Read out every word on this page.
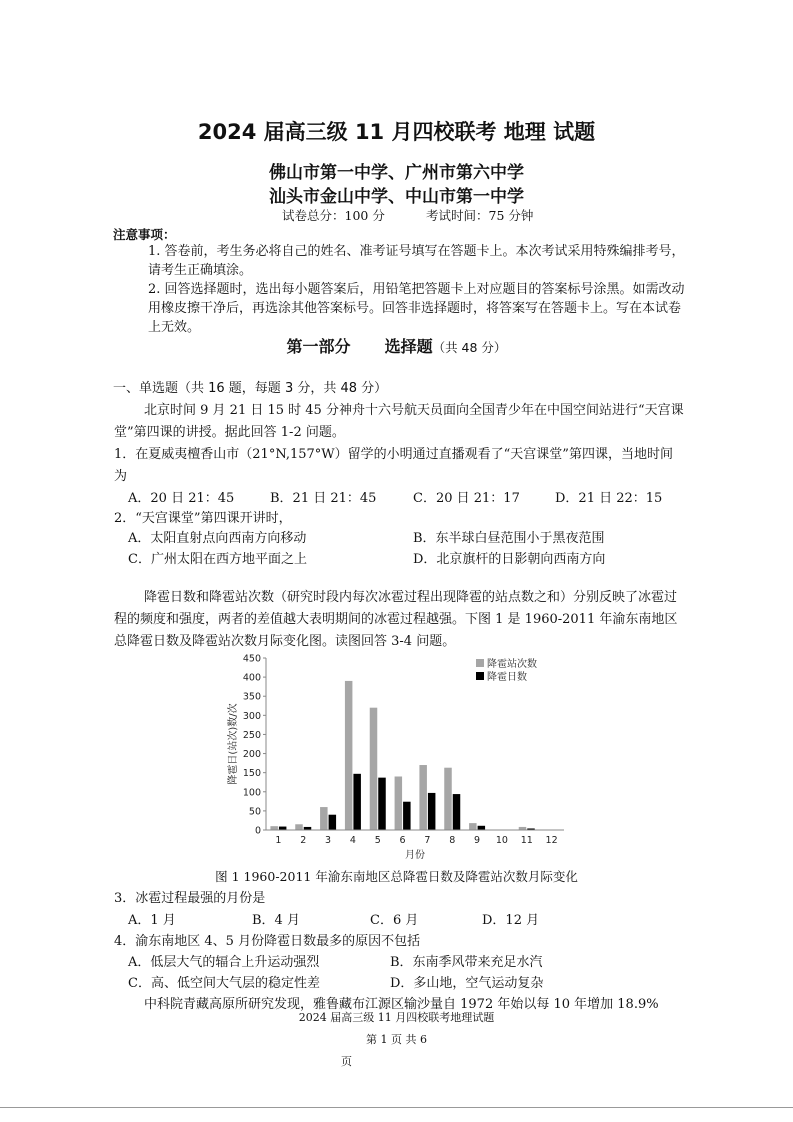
2024 届高三级 11 月四校联考 地理 试题
佛山市第一中学、广州市第六中学
汕头市金山中学、中山市第一中学
试卷总分：100 分	考试时间：75 分钟
注意事项：
1. 答卷前，考生务必将自己的姓名、准考证号填写在答题卡上。本次考试采用特殊编排考号，请考生正确填涂。
2. 回答选择题时，选出每小题答案后，用铅笔把答题卡上对应题目的答案标号涂黑。如需改动用橡皮擦干净后，再选涂其他答案标号。回答非选择题时，将答案写在答题卡上。写在本试卷上无效。
第一部分 选择题（共 48 分）
一、单选题（共 16 题，每题 3 分，共 48 分）
北京时间 9 月 21 日 15 时 45 分神舟十六号航天员面向全国青少年在中国空间站进行“天宫课堂”第四课的讲授。据此回答 1-2 问题。
1．在夏威夷檀香山市（21°N,157°W）留学的小明通过直播观看了“天宫课堂”第四课，当地时间为
A．20 日 21：45	B．21 日 21：45	C．20 日 21：17	D．21 日 22：15
2．“天宫课堂”第四课开讲时，
A．太阳直射点向西南方向移动	B．东半球白昼范围小于黑夜范围
C．广州太阳在西方地平面之上	D．北京旗杆的日影朝向西南方向
降雹日数和降雹站次数（研究时段内每次冰雹过程出现降雹的站点数之和）分别反映了冰雹过程的频度和强度，两者的差值越大表明期间的冰雹过程越强。下图 1 是 1960-2011 年渝东南地区总降雹日数及降雹站次数月际变化图。读图回答 3-4 问题。
0
50
100
150
200
250
300
350
400
450
降雹日(站次)数/次
1 2 3 4 5 6 7 8 9 10 11 12
月份
降雹站次数
降雹日数
图 1 1960-2011 年渝东南地区总降雹日数及降雹站次数月际变化
3．冰雹过程最强的月份是
A．1 月	B．4 月	C．6 月	D．12 月
4．渝东南地区 4、5 月份降雹日数最多的原因不包括
A．低层大气的辐合上升运动强烈	B．东南季风带来充足水汽
C．高、低空间大气层的稳定性差	D．多山地，空气运动复杂
中科院青藏高原所研究发现，雅鲁藏布江源区输沙量自 1972 年始以每 10 年增加 18.9%
2024 届高三级 11 月四校联考地理试题
第 1 页 共 6
页
